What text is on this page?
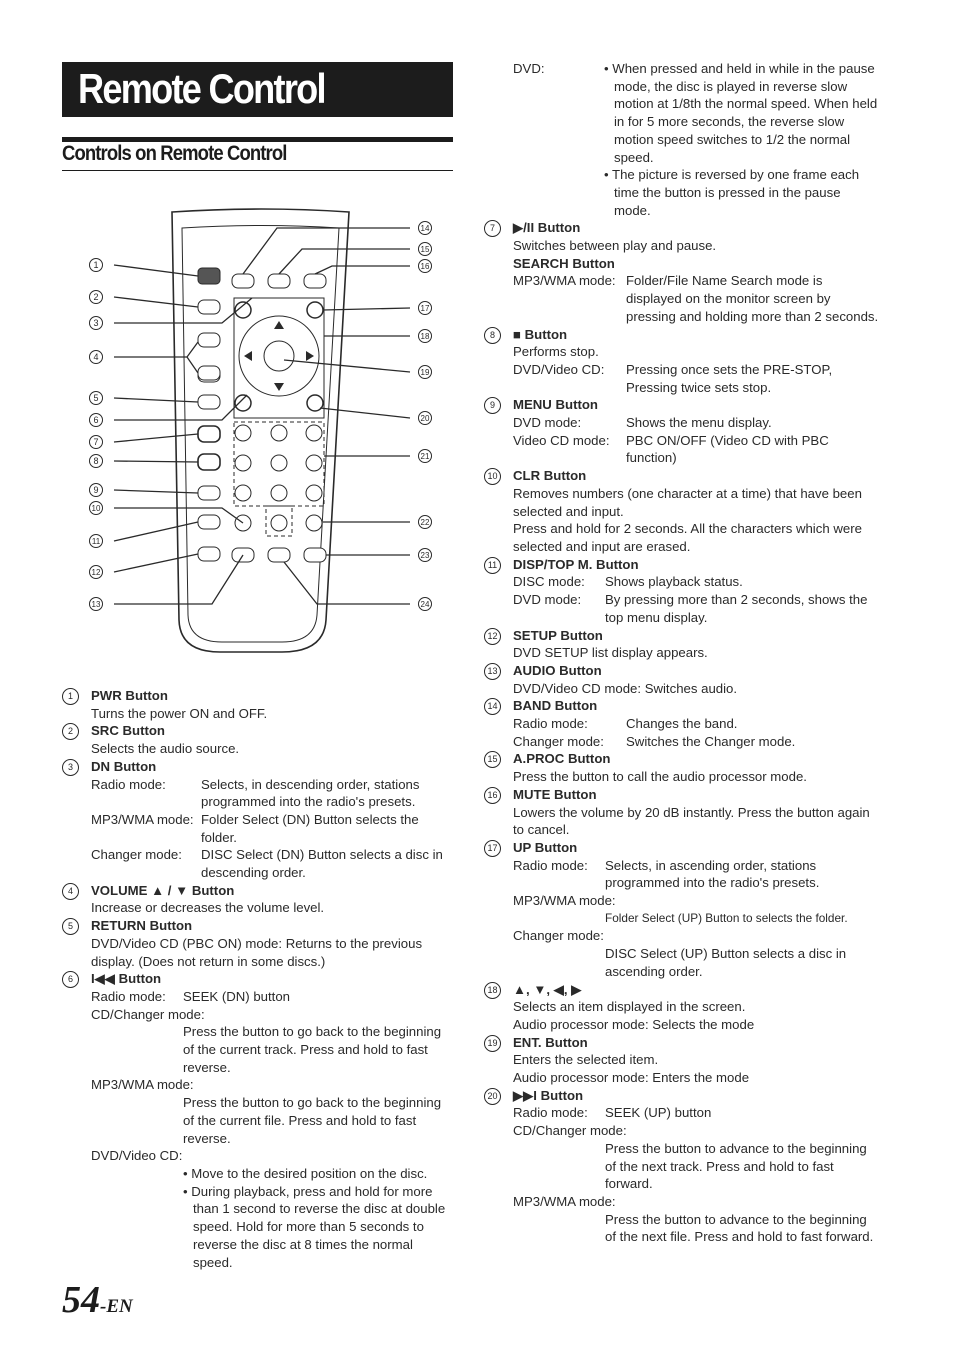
Remote Control
Controls on Remote Control
1
2
3
4
5
6
7
8
9
10
11
12
13
14
15
16
17
18
19
20
21
22
23
24
1	PWR Button
Turns the power ON and OFF.
2	SRC Button
Selects the audio source.
3	DN Button
Radio mode:	Selects, in descending order, stations programmed into the radio's presets.
MP3/WMA mode: Folder Select (DN) Button selects the folder.
Changer mode:	DISC Select (DN) Button selects a disc in descending order.
4	VOLUME ▲ / ▼ Button
Increase or decreases the volume level.
5	RETURN Button
DVD/Video CD (PBC ON) mode: Returns to the previous display. (Does not return in some discs.)
6	I◀◀ Button
Radio mode:	SEEK (DN) button
CD/Changer mode:
Press the button to go back to the beginning of the current track. Press and hold to fast reverse.
MP3/WMA mode:
Press the button to go back to the beginning of the current file. Press and hold to fast reverse.
DVD/Video CD:
• Move to the desired position on the disc.
• During playback, press and hold for more than 1 second to reverse the disc at double speed. Hold for more than 5 seconds to reverse the disc at 8 times the normal speed.
DVD:	• When pressed and held in while in the pause mode, the disc is played in reverse slow motion at 1/8th the normal speed. When held in for 5 more seconds, the reverse slow motion speed switches to 1/2 the normal speed.
• The picture is reversed by one frame each time the button is pressed in the pause mode.
7	▶/II Button
Switches between play and pause.
SEARCH Button
MP3/WMA mode: Folder/File Name Search mode is displayed on the monitor screen by pressing and holding more than 2 seconds.
8	■ Button
Performs stop.
DVD/Video CD:	Pressing once sets the PRE-STOP, Pressing twice sets stop.
9	MENU Button
DVD mode:	Shows the menu display.
Video CD mode:	PBC ON/OFF (Video CD with PBC function)
10 CLR Button
Removes numbers (one character at a time) that have been selected and input.
Press and hold for 2 seconds. All the characters which were selected and input are erased.
11 DISP/TOP M. Button
DISC mode:	Shows playback status.
DVD mode:	By pressing more than 2 seconds, shows the top menu display.
12 SETUP Button
DVD SETUP list display appears.
13 AUDIO Button
DVD/Video CD mode: Switches audio.
14 BAND Button
Radio mode:	Changes the band.
Changer mode:	Switches the Changer mode.
15 A.PROC Button
Press the button to call the audio processor mode.
16 MUTE Button
Lowers the volume by 20 dB instantly. Press the button again to cancel.
17 UP Button
Radio mode:	Selects, in ascending order, stations programmed into the radio's presets.
MP3/WMA mode:
Folder Select (UP) Button to selects the folder.
Changer mode:
DISC Select (UP) Button selects a disc in ascending order.
18 ▲, ▼, ◀, ▶
Selects an item displayed in the screen.
Audio processor mode: Selects the mode
19 ENT. Button
Enters the selected item.
Audio processor mode: Enters the mode
20 ▶▶I Button
Radio mode:	SEEK (UP) button
CD/Changer mode:
Press the button to advance to the beginning of the next track. Press and hold to fast forward.
MP3/WMA mode:
Press the button to advance to the beginning of the next file. Press and hold to fast forward.
54-EN
